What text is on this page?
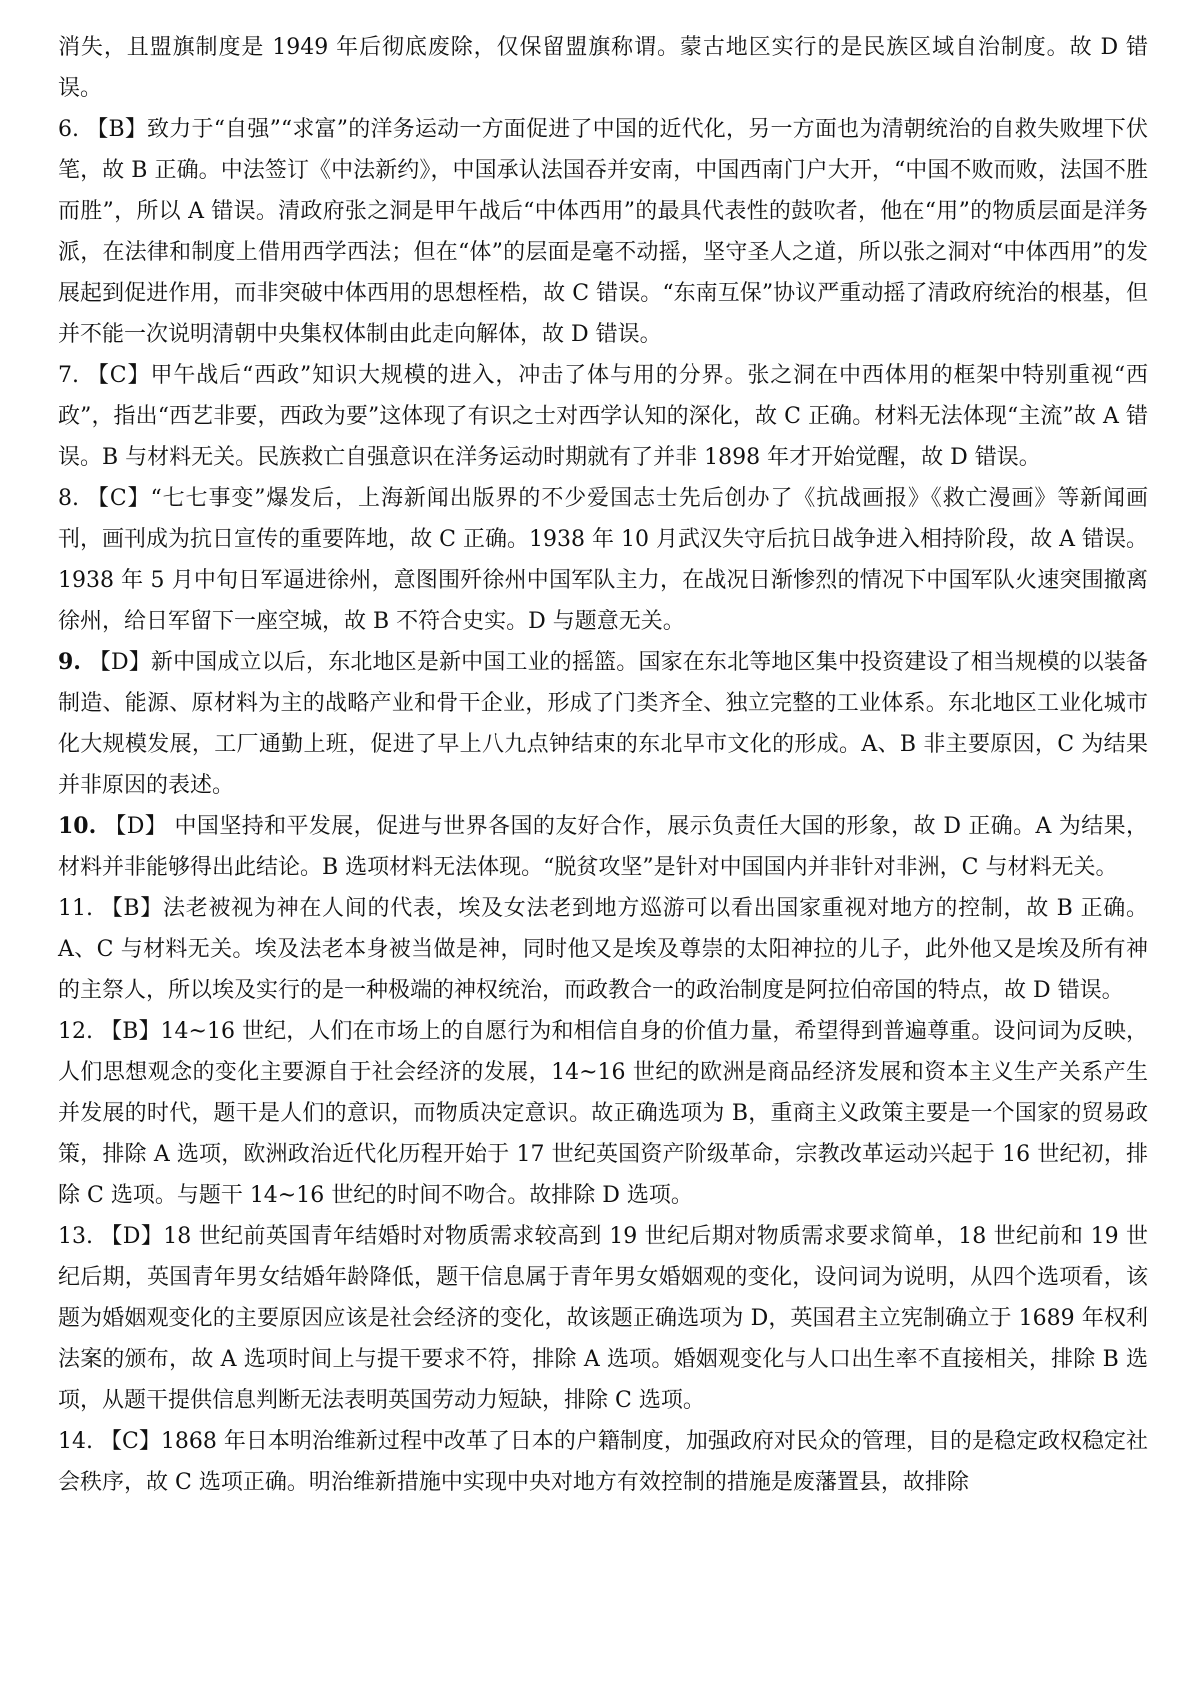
消失，且盟旗制度是 1949 年后彻底废除，仅保留盟旗称谓。蒙古地区实行的是民族区域自治制度。故 D 错误。

6. 【B】致力于“自强”“求富”的洋务运动一方面促进了中国的近代化，另一方面也为清朝统治的自救失败埋下伏笔，故 B 正确。中法签订《中法新约》，中国承认法国吞并安南，中国西南门户大开，“中国不败而败，法国不胜而胜”，所以 A 错误。清政府张之洞是甲午战后“中体西用”的最具代表性的鼓吹者，他在“用”的物质层面是洋务派，在法律和制度上借用西学西法；但在“体”的层面是毫不动摇，坚守圣人之道，所以张之洞对“中体西用”的发展起到促进作用，而非突破中体西用的思想桎梏，故 C 错误。“东南互保”协议严重动摇了清政府统治的根基，但并不能一次说明清朝中央集权体制由此走向解体，故 D 错误。

7. 【C】甲午战后“西政”知识大规模的进入，冲击了体与用的分界。张之洞在中西体用的框架中特别重视“西政”，指出“西艺非要，西政为要”这体现了有识之士对西学认知的深化，故 C 正确。材料无法体现“主流”故 A 错误。B 与材料无关。民族救亡自强意识在洋务运动时期就有了并非 1898 年才开始觉醒，故 D 错误。

8. 【C】“七七事变”爆发后，上海新闻出版界的不少爱国志士先后创办了《抗战画报》《救亡漫画》等新闻画刊，画刊成为抗日宣传的重要阵地，故 C 正确。1938 年 10 月武汉失守后抗日战争进入相持阶段，故 A 错误。1938 年 5 月中旬日军逼进徐州，意图围歼徐州中国军队主力，在战况日渐惨烈的情况下中国军队火速突围撤离徐州，给日军留下一座空城，故 B 不符合史实。D 与题意无关。

9. 【D】新中国成立以后，东北地区是新中国工业的摇篮。国家在东北等地区集中投资建设了相当规模的以装备制造、能源、原材料为主的战略产业和骨干企业，形成了门类齐全、独立完整的工业体系。东北地区工业化城市化大规模发展，工厂通勤上班，促进了早上八九点钟结束的东北早市文化的形成。A、B 非主要原因，C 为结果并非原因的表述。

10. 【D】 中国坚持和平发展，促进与世界各国的友好合作，展示负责任大国的形象，故 D 正确。A 为结果，材料并非能够得出此结论。B 选项材料无法体现。“脱贫攻坚”是针对中国国内并非针对非洲，C 与材料无关。

11. 【B】法老被视为神在人间的代表，埃及女法老到地方巡游可以看出国家重视对地方的控制，故 B 正确。A、C 与材料无关。埃及法老本身被当做是神，同时他又是埃及尊崇的太阳神拉的儿子，此外他又是埃及所有神的主祭人，所以埃及实行的是一种极端的神权统治，而政教合一的政治制度是阿拉伯帝国的特点，故 D 错误。

12. 【B】14~16 世纪，人们在市场上的自愿行为和相信自身的价值力量，希望得到普遍尊重。设问词为反映，人们思想观念的变化主要源自于社会经济的发展，14~16 世纪的欧洲是商品经济发展和资本主义生产关系产生并发展的时代，题干是人们的意识，而物质决定意识。故正确选项为 B，重商主义政策主要是一个国家的贸易政策，排除 A 选项，欧洲政治近代化历程开始于 17 世纪英国资产阶级革命，宗教改革运动兴起于 16 世纪初，排除 C 选项。与题干 14~16 世纪的时间不吻合。故排除 D 选项。

13. 【D】18 世纪前英国青年结婚时对物质需求较高到 19 世纪后期对物质需求要求简单，18 世纪前和 19 世纪后期，英国青年男女结婚年龄降低，题干信息属于青年男女婚姻观的变化，设问词为说明，从四个选项看，该题为婚姻观变化的主要原因应该是社会经济的变化，故该题正确选项为 D，英国君主立宪制确立于 1689 年权利法案的颁布，故 A 选项时间上与提干要求不符，排除 A 选项。婚姻观变化与人口出生率不直接相关，排除 B 选项，从题干提供信息判断无法表明英国劳动力短缺，排除 C 选项。

14. 【C】1868 年日本明治维新过程中改革了日本的户籍制度，加强政府对民众的管理，目的是稳定政权稳定社会秩序，故 C 选项正确。明治维新措施中实现中央对地方有效控制的措施是废藩置县，故排除
